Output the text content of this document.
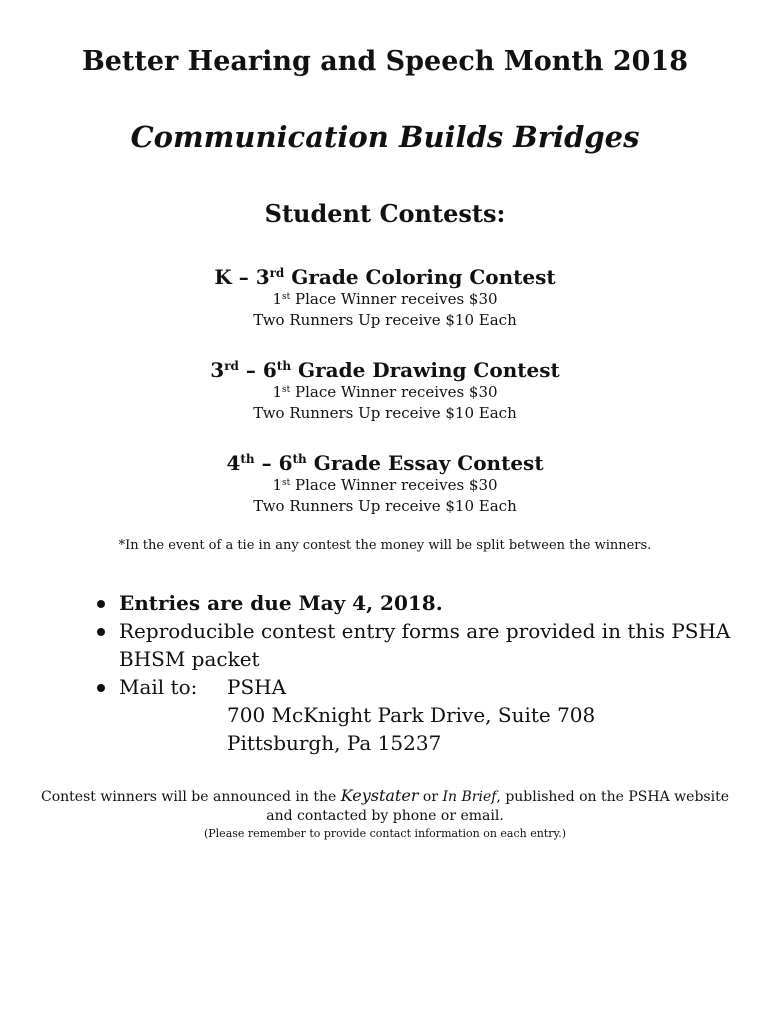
Better Hearing and Speech Month 2018
Communication Builds Bridges
Student Contests:

K – 3rd Grade Coloring Contest

1st Place Winner receives $30

Two Runners Up receive $10 Each

3rd – 6th Grade Drawing Contest

1st Place Winner receives $30

Two Runners Up receive $10 Each

4th – 6th Grade Essay Contest

1st Place Winner receives $30

Two Runners Up receive $10 Each

*In the event of a tie in any contest the money will be split between the winners.
Entries are due May 4, 2018.
Reproducible contest entry forms are provided in this PSHA BHSM packet
Mail to:	PSHA
700 McKnight Park Drive, Suite 708
Pittsburgh, Pa 15237
Contest winners will be announced in the Keystater or In Brief, published on the PSHA website
and contacted by phone or email.
(Please remember to provide contact information on each entry.)
